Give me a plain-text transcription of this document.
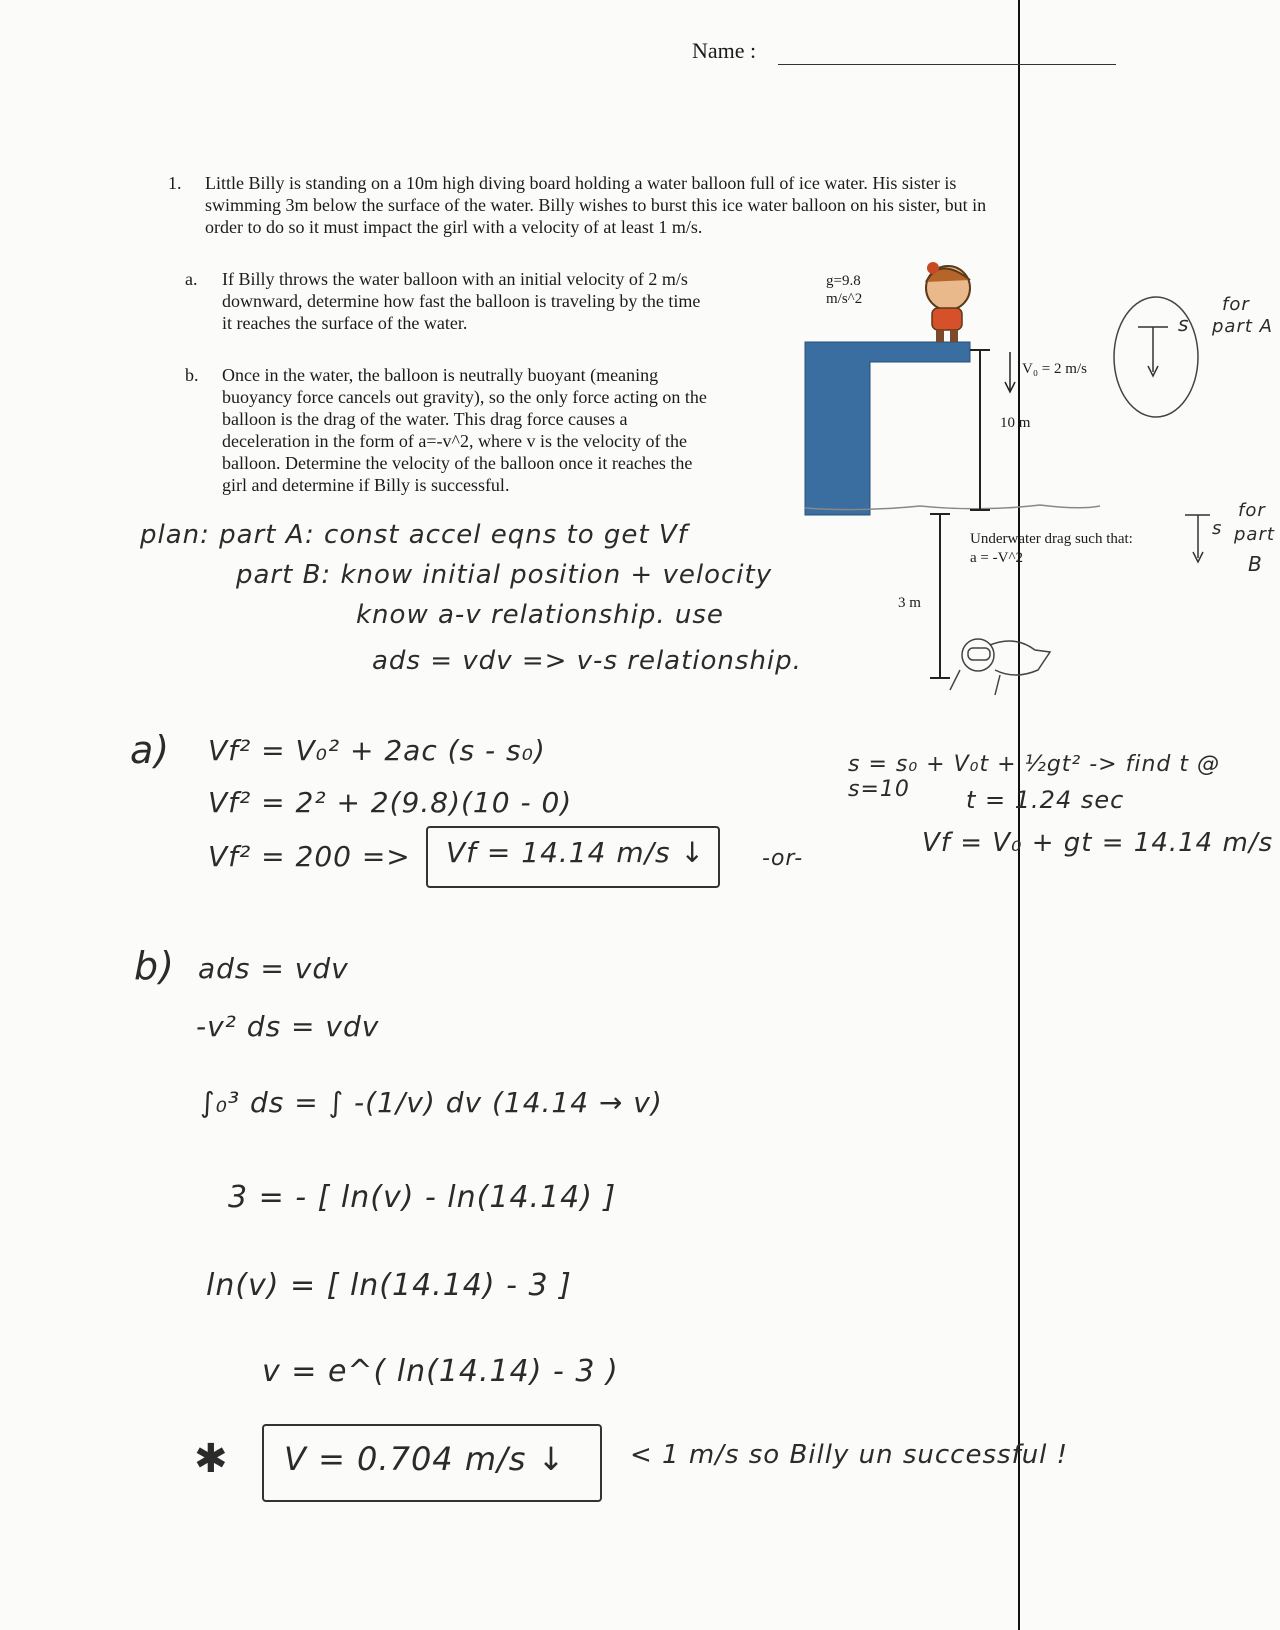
Name :
1. Little Billy is standing on a 10m high diving board holding a water balloon full of ice water. His sister is
swimming 3m below the surface of the water. Billy wishes to burst this ice water balloon on his sister, but in
order to do so it must impact the girl with a velocity of at least 1 m/s.
a. If Billy throws the water balloon with an initial velocity of 2 m/s
downward, determine how fast the balloon is traveling by the time
it reaches the surface of the water.
b. Once in the water, the balloon is neutrally buoyant (meaning
buoyancy force cancels out gravity), so the only force acting on the
balloon is the drag of the water. This drag force causes a
deceleration in the form of a=-v^2, where v is the velocity of the
balloon. Determine the velocity of the balloon once it reaches the
girl and determine if Billy is successful.
g=9.8
m/s^2
V₀ = 2 m/s
10 m
3 m
Underwater drag such that:
a = -V^2
s
for
part A
s
for
part
B
plan: part A: const accel eqns to get Vf
part B: know initial position + velocity
know a-v relationship. use
ads = vdv => v-s relationship.
a) Vf² = V₀² + 2ac (s - s₀)
Vf² = 2² + 2(9.8)(10 - 0)
Vf² = 200 => Vf = 14.14 m/s ↓	-or-
s = s₀ + V₀t + ½gt² -> find t @ s=10	t = 1.24 sec
Vf = V₀ + gt = 14.14 m/s
b) ads = vdv
-v² ds = vdv
∫₀³ ds = ∫ -(1/v) dv (14.14 → v)
3 = - [ ln(v) - ln(14.14) ]
ln(v) = [ ln(14.14) - 3 ]
v = e^( ln(14.14) - 3 )
✱ V = 0.704 m/s ↓ < 1 m/s so Billy un successful !
